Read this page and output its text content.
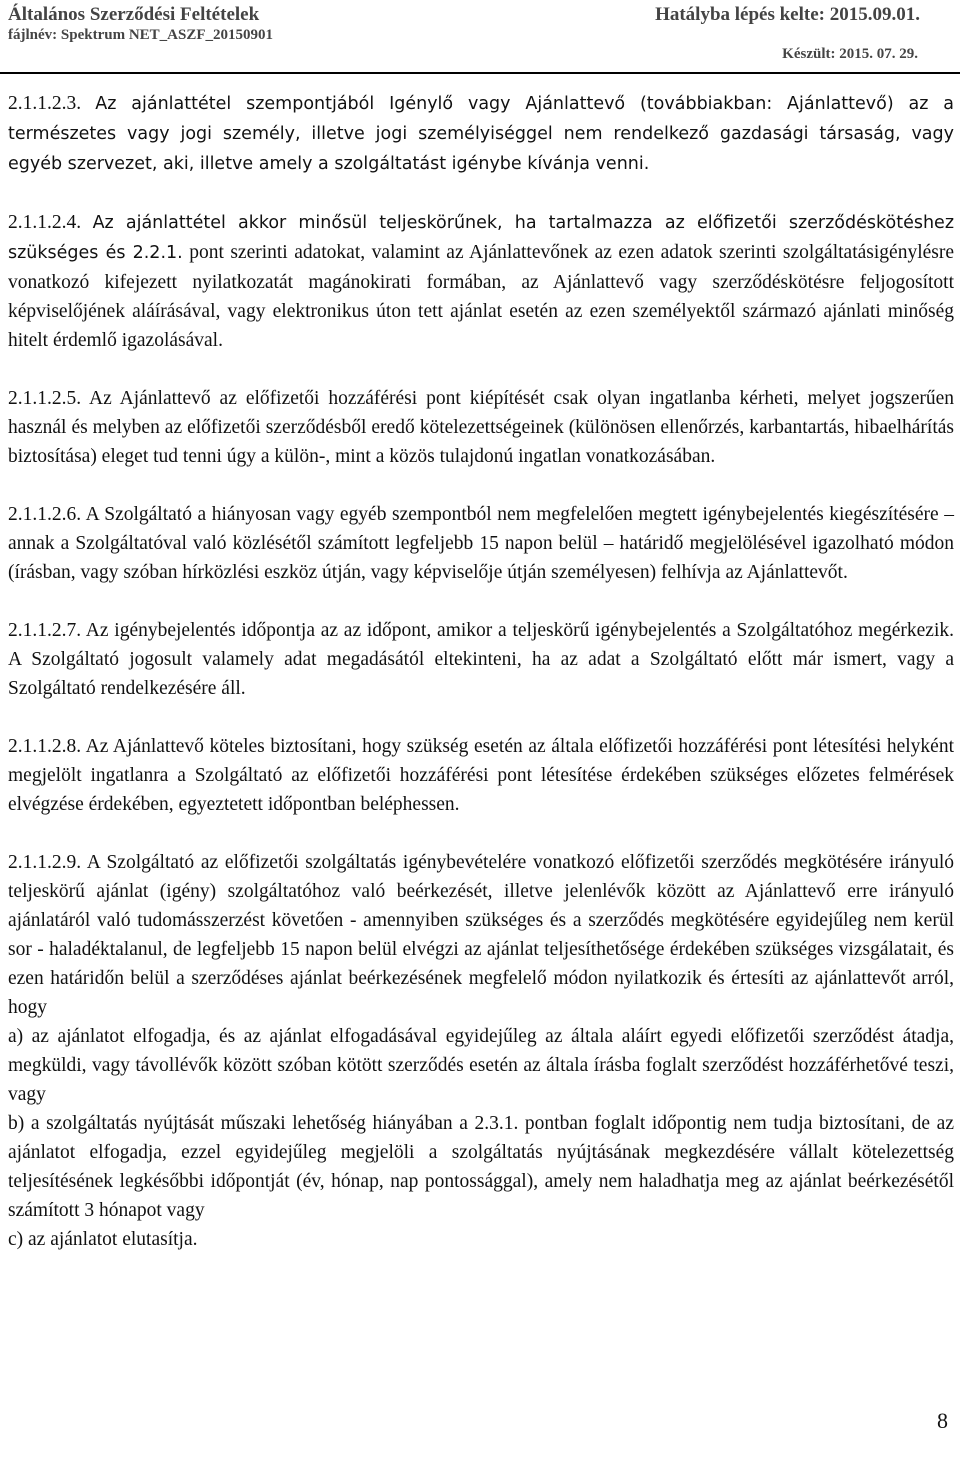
Általános Szerződési Feltételek
fájlnév: Spektrum NET_ASZF_20150901
Hatályba lépés kelte: 2015.09.01.
Készült: 2015. 07. 29.

2.1.1.2.3. Az ajánlattétel szempontjából Igénylő vagy Ajánlattevő (továbbiakban: Ajánlattevő) az a természetes vagy jogi személy, illetve jogi személyiséggel nem rendelkező gazdasági társaság, vagy egyéb szervezet, aki, illetve amely a szolgáltatást igénybe kívánja venni.

2.1.1.2.4. Az ajánlattétel akkor minősül teljeskörűnek, ha tartalmazza az előfizetői szerződéskötéshez szükséges és 2.2.1. pont szerinti adatokat, valamint az Ajánlattevőnek az ezen adatok szerinti szolgáltatásigénylésre vonatkozó kifejezett nyilatkozatát magánokirati formában, az Ajánlattevő vagy szerződéskötésre feljogosított képviselőjének aláírásával, vagy elektronikus úton tett ajánlat esetén az ezen személyektől származó ajánlati minőség hitelt érdemlő igazolásával.

2.1.1.2.5. Az Ajánlattevő az előfizetői hozzáférési pont kiépítését csak olyan ingatlanba kérheti, melyet jogszerűen használ és melyben az előfizetői szerződésből eredő kötelezettségeinek (különösen ellenőrzés, karbantartás, hibaelhárítás biztosítása) eleget tud tenni úgy a külön-, mint a közös tulajdonú ingatlan vonatkozásában.

2.1.1.2.6. A Szolgáltató a hiányosan vagy egyéb szempontból nem megfelelően megtett igénybejelentés kiegészítésére – annak a Szolgáltatóval való közlésétől számított legfeljebb 15 napon belül – határidő megjelölésével igazolható módon (írásban, vagy szóban hírközlési eszköz útján, vagy képviselője útján személyesen) felhívja az Ajánlattevőt.

2.1.1.2.7. Az igénybejelentés időpontja az az időpont, amikor a teljeskörű igénybejelentés a Szolgáltatóhoz megérkezik. A Szolgáltató jogosult valamely adat megadásától eltekinteni, ha az adat a Szolgáltató előtt már ismert, vagy a Szolgáltató rendelkezésére áll.

2.1.1.2.8. Az Ajánlattevő köteles biztosítani, hogy szükség esetén az általa előfizetői hozzáférési pont létesítési helyként megjelölt ingatlanra a Szolgáltató az előfizetői hozzáférési pont létesítése érdekében szükséges előzetes felmérések elvégzése érdekében, egyeztetett időpontban beléphessen.

2.1.1.2.9. A Szolgáltató az előfizetői szolgáltatás igénybevételére vonatkozó előfizetői szerződés megkötésére irányuló teljeskörű ajánlat (igény) szolgáltatóhoz való beérkezését, illetve jelenlévők között az Ajánlattevő erre irányuló ajánlatáról való tudomásszerzést követően - amennyiben szükséges és a szerződés megkötésére egyidejűleg nem kerül sor - haladéktalanul, de legfeljebb 15 napon belül elvégzi az ajánlat teljesíthetősége érdekében szükséges vizsgálatait, és ezen határidőn belül a szerződéses ajánlat beérkezésének megfelelő módon nyilatkozik és értesíti az ajánlattevőt arról, hogy

a) az ajánlatot elfogadja, és az ajánlat elfogadásával egyidejűleg az általa aláírt egyedi előfizetői szerződést átadja, megküldi, vagy távollévők között szóban kötött szerződés esetén az általa írásba foglalt szerződést hozzáférhetővé teszi, vagy

b) a szolgáltatás nyújtását műszaki lehetőség hiányában a 2.3.1. pontban foglalt időpontig nem tudja biztosítani, de az ajánlatot elfogadja, ezzel egyidejűleg megjelöli a szolgáltatás nyújtásának megkezdésére vállalt kötelezettség teljesítésének legkésőbbi időpontját (év, hónap, nap pontossággal), amely nem haladhatja meg az ajánlat beérkezésétől számított 3 hónapot vagy

c) az ajánlatot elutasítja.

8
